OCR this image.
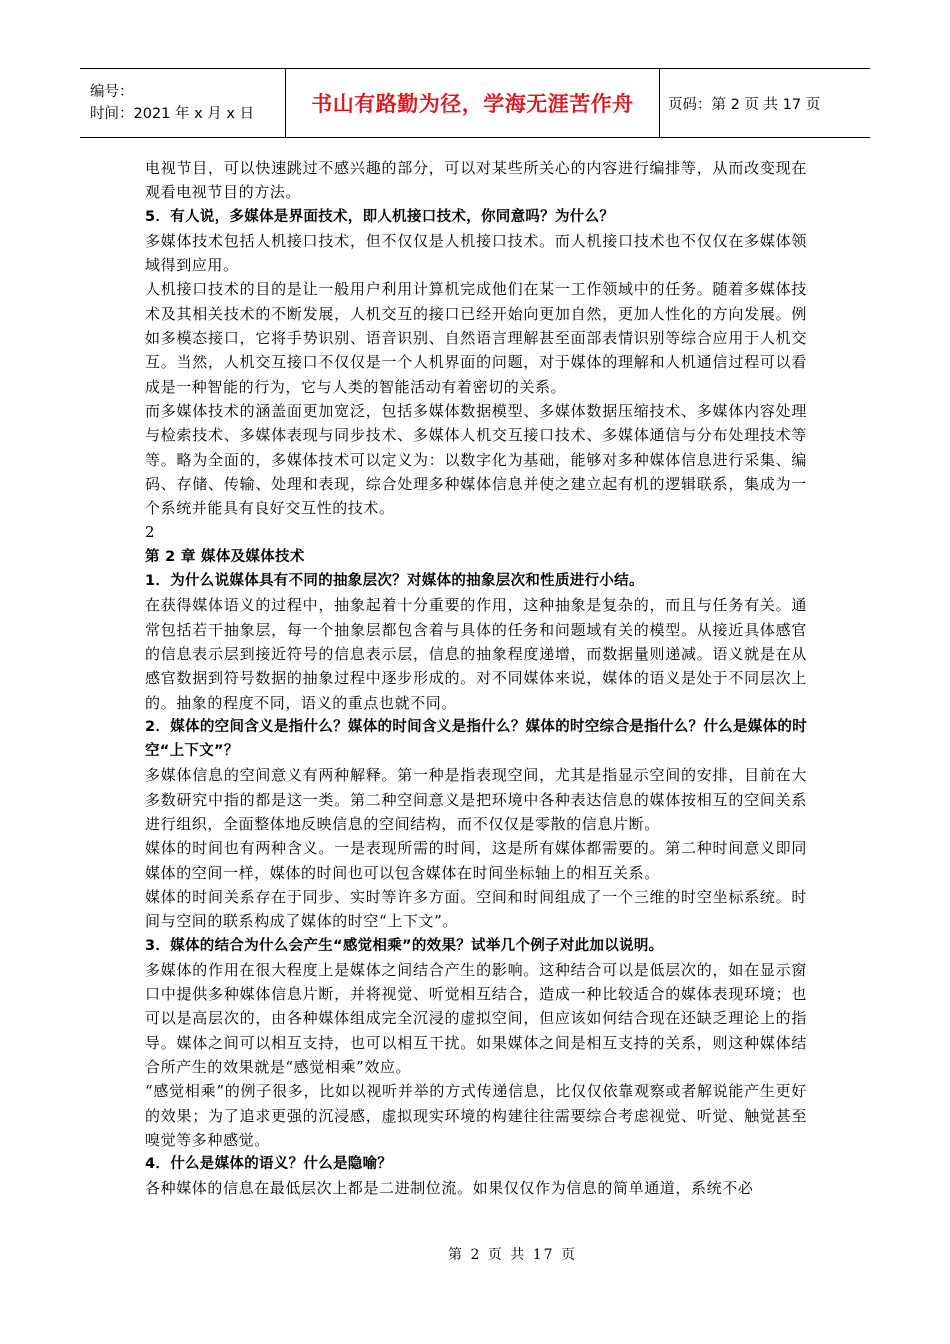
编号：
时间：2021 年 x 月 x 日	书山有路勤为径，学海无涯苦作舟 页码：第 2 页 共 17 页

电视节目，可以快速跳过不感兴趣的部分，可以对某些所关心的内容进行编排等，从而改变现在观看电视节目的方法。

5．有人说，多媒体是界面技术，即人机接口技术，你同意吗？为什么？

多媒体技术包括人机接口技术，但不仅仅是人机接口技术。而人机接口技术也不仅仅在多媒体领域得到应用。

人机接口技术的目的是让一般用户利用计算机完成他们在某一工作领域中的任务。随着多媒体技术及其相关技术的不断发展，人机交互的接口已经开始向更加自然，更加人性化的方向发展。例如多模态接口，它将手势识别、语音识别、自然语言理解甚至面部表情识别等综合应用于人机交互。当然，人机交互接口不仅仅是一个人机界面的问题，对于媒体的理解和人机通信过程可以看成是一种智能的行为，它与人类的智能活动有着密切的关系。

而多媒体技术的涵盖面更加宽泛，包括多媒体数据模型、多媒体数据压缩技术、多媒体内容处理与检索技术、多媒体表现与同步技术、多媒体人机交互接口技术、多媒体通信与分布处理技术等等。略为全面的，多媒体技术可以定义为：以数字化为基础，能够对多种媒体信息进行采集、编码、存储、传输、处理和表现，综合处理多种媒体信息并使之建立起有机的逻辑联系，集成为一个系统并能具有良好交互性的技术。

2

第 2 章 媒体及媒体技术

1．为什么说媒体具有不同的抽象层次？对媒体的抽象层次和性质进行小结。

在获得媒体语义的过程中，抽象起着十分重要的作用，这种抽象是复杂的，而且与任务有关。通常包括若干抽象层，每一个抽象层都包含着与具体的任务和问题域有关的模型。从接近具体感官的信息表示层到接近符号的信息表示层，信息的抽象程度递增，而数据量则递减。语义就是在从感官数据到符号数据的抽象过程中逐步形成的。对不同媒体来说，媒体的语义是处于不同层次上的。抽象的程度不同，语义的重点也就不同。

2．媒体的空间含义是指什么？媒体的时间含义是指什么？媒体的时空综合是指什么？什么是媒体的时空“上下文”？

多媒体信息的空间意义有两种解释。第一种是指表现空间，尤其是指显示空间的安排，目前在大多数研究中指的都是这一类。第二种空间意义是把环境中各种表达信息的媒体按相互的空间关系进行组织，全面整体地反映信息的空间结构，而不仅仅是零散的信息片断。

媒体的时间也有两种含义。一是表现所需的时间，这是所有媒体都需要的。第二种时间意义即同媒体的空间一样，媒体的时间也可以包含媒体在时间坐标轴上的相互关系。

媒体的时间关系存在于同步、实时等许多方面。空间和时间组成了一个三维的时空坐标系统。时间与空间的联系构成了媒体的时空“上下文”。

3．媒体的结合为什么会产生“感觉相乘”的效果？试举几个例子对此加以说明。

多媒体的作用在很大程度上是媒体之间结合产生的影响。这种结合可以是低层次的，如在显示窗口中提供多种媒体信息片断，并将视觉、听觉相互结合，造成一种比较适合的媒体表现环境；也可以是高层次的，由各种媒体组成完全沉浸的虚拟空间，但应该如何结合现在还缺乏理论上的指导。媒体之间可以相互支持，也可以相互干扰。如果媒体之间是相互支持的关系，则这种媒体结合所产生的效果就是“感觉相乘”效应。

“感觉相乘”的例子很多，比如以视听并举的方式传递信息，比仅仅依靠观察或者解说能产生更好的效果；为了追求更强的沉浸感，虚拟现实环境的构建往往需要综合考虑视觉、听觉、触觉甚至嗅觉等多种感觉。

4．什么是媒体的语义？什么是隐喻？

各种媒体的信息在最低层次上都是二进制位流。如果仅仅作为信息的简单通道，系统不必

第 2 页 共 17 页
